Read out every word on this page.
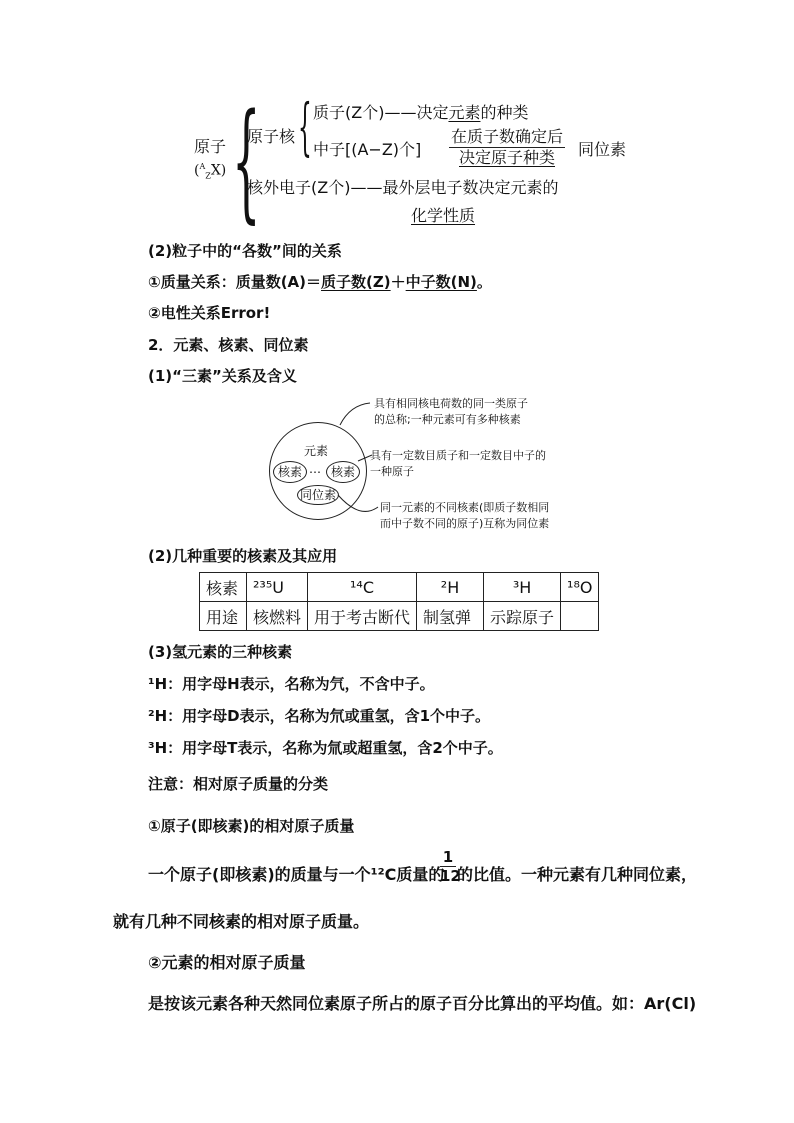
原子
($^A_Z$X) {
原子核 { 质子(Z个)——决定元素的种类
中子[(A−Z)个]
在质子数确定后
决定原子种类	同位素
核外电子(Z个)——最外层电子数决定元素的
化学性质
(2)粒子中的“各数”间的关系
①质量关系：质量数(A)＝质子数(Z)＋中子数(N)。
②电性关系Error!
2．元素、核素、同位素
(1)“三素”关系及含义
元素
核素 … 核素
同位素
具有相同核电荷数的同一类原子
的总称;一种元素可有多种核素
具有一定数目质子和一定数目中子的
一种原子
同一元素的不同核素(即质子数相同
而中子数不同的原子)互称为同位素
(2)几种重要的核素及其应用
核素	²³⁵U	¹⁴C	²H	³H	¹⁸O
用途	核燃料	用于考古断代	制氢弹	示踪原子	
(3)氢元素的三种核素
¹H：用字母H表示，名称为氕，不含中子。
²H：用字母D表示，名称为氘或重氢，含1个中子。
³H：用字母T表示，名称为氚或超重氢，含2个中子。
注意：相对原子质量的分类
①原子(即核素)的相对原子质量
一个原子(即核素)的质量与一个¹²C质量的
1
12
的比值。一种元素有几种同位素，
就有几种不同核素的相对原子质量。
②元素的相对原子质量
是按该元素各种天然同位素原子所占的原子百分比算出的平均值。如：Ar(Cl)
